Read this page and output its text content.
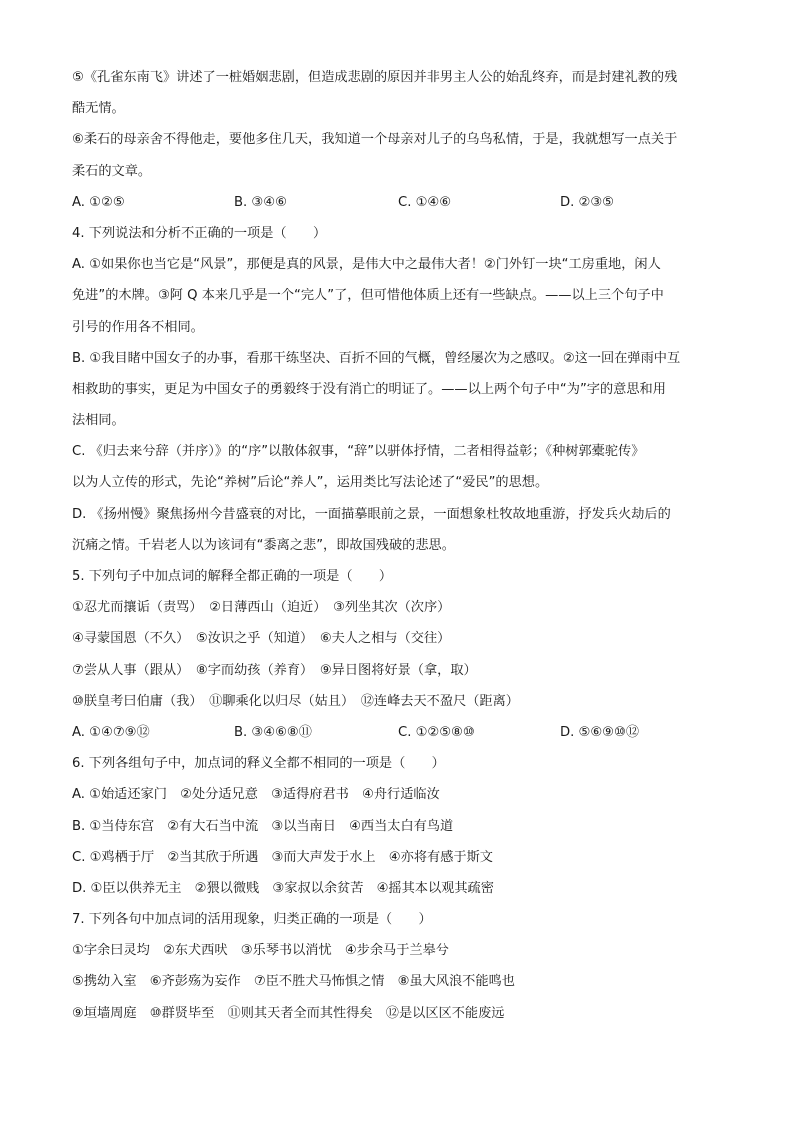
⑤《孔雀东南飞》讲述了一桩婚姻悲剧，但造成悲剧的原因并非男主人公的始乱终弃，而是封建礼教的残
酷无情。
⑥柔石的母亲舍不得他走，要他多住几天，我知道一个母亲对儿子的乌鸟私情，于是，我就想写一点关于
柔石的文章。
A. ①②⑤	B. ③④⑥	C. ①④⑥	D. ②③⑤
4. 下列说法和分析不正确的一项是（　　）
A. ①如果你也当它是“风景”，那便是真的风景，是伟大中之最伟大者！②门外钉一块“工房重地，闲人
免进”的木牌。③阿 Q 本来几乎是一个“完人”了，但可惜他体质上还有一些缺点。——以上三个句子中
引号的作用各不相同。
B. ①我目睹中国女子的办事，看那干练坚决、百折不回的气概，曾经屡次为之感叹。②这一回在弹雨中互
相救助的事实，更足为中国女子的勇毅终于没有消亡的明证了。——以上两个句子中“为”字的意思和用
法相同。
C. 《归去来兮辞（并序）》的“序”以散体叙事，“辞”以骈体抒情，二者相得益彰；《种树郭橐驼传》
以为人立传的形式，先论“养树”后论“养人”，运用类比写法论述了“爱民”的思想。
D. 《扬州慢》聚焦扬州今昔盛衰的对比，一面描摹眼前之景，一面想象杜牧故地重游，抒发兵火劫后的
沉痛之情。千岩老人以为该词有“黍离之悲”，即故国残破的悲思。
5. 下列句子中加点词的解释全都正确的一项是（　　）
①忍尤而攘诟（责骂）　②日薄西山（迫近）　③列坐其次（次序）
④寻蒙国恩（不久）　⑤汝识之乎（知道）　⑥夫人之相与（交往）
⑦尝从人事（跟从）　⑧字而幼孩（养育）　⑨异日图将好景（拿，取）
⑩朕皇考曰伯庸（我）　⑪聊乘化以归尽（姑且）　⑫连峰去天不盈尺（距离）
A. ①④⑦⑨⑫	B. ③④⑥⑧⑪	C. ①②⑤⑧⑩	D. ⑤⑥⑨⑩⑫
6. 下列各组句子中，加点词的释义全都不相同的一项是（　　）
A. ①始适还家门　②处分适兄意　③适得府君书　④舟行适临汝
B. ①当侍东宫　②有大石当中流　③以当南日　④西当太白有鸟道
C. ①鸡栖于厅　②当其欣于所遇　③而大声发于水上　④亦将有感于斯文
D. ①臣以供养无主　②猥以微贱　③家叔以余贫苦　④摇其本以观其疏密
7. 下列各句中加点词的活用现象，归类正确的一项是（　　）
①字余曰灵均　②东犬西吠　③乐琴书以消忧　④步余马于兰皋兮
⑤携幼入室　⑥齐彭殇为妄作　⑦臣不胜犬马怖惧之情　⑧虽大风浪不能鸣也
⑨垣墙周庭　⑩群贤毕至　⑪则其天者全而其性得矣　⑫是以区区不能废远
